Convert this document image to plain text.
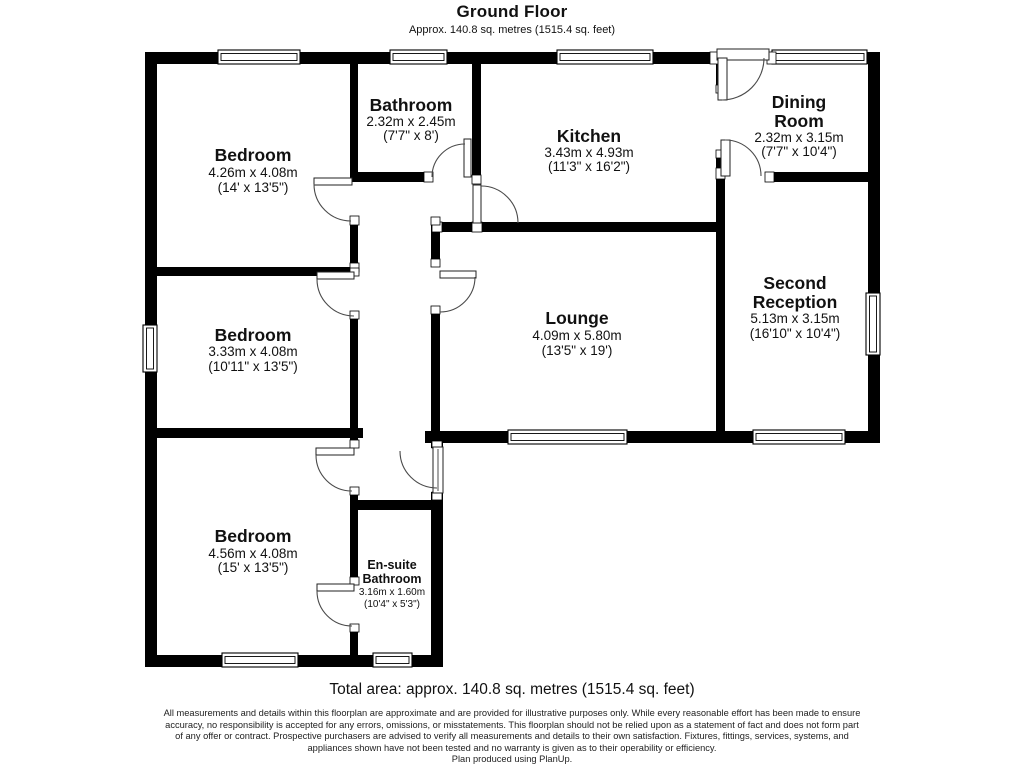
Ground Floor
Approx. 140.8 sq. metres (1515.4 sq. feet)
Bedroom
4.26m x 4.08m
(14' x 13'5")
Bathroom
2.32m x 2.45m
(7'7" x 8')	Kitchen
3.43m x 4.93m
(11'3" x 16'2")
Dining
Room
2.32m x 3.15m
(7'7" x 10'4")
Second
Reception
5.13m x 3.15m
(16'10" x 10'4")
Lounge
4.09m x 5.80m
(13'5" x 19')
Bedroom
3.33m x 4.08m
(10'11" x 13'5")
Bedroom
4.56m x 4.08m
(15' x 13'5")	En-suite
Bathroom
3.16m x 1.60m
(10'4" x 5'3")
Total area: approx. 140.8 sq. metres (1515.4 sq. feet)
All measurements and details within this floorplan are approximate and are provided for illustrative purposes only. While every reasonable effort has been made to ensure
accuracy, no responsibility is accepted for any errors, omissions, or misstatements. This floorplan should not be relied upon as a statement of fact and does not form part
of any offer or contract. Prospective purchasers are advised to verify all measurements and details to their own satisfaction. Fixtures, fittings, services, systems, and
appliances shown have not been tested and no warranty is given as to their operability or efficiency.
Plan produced using PlanUp.
